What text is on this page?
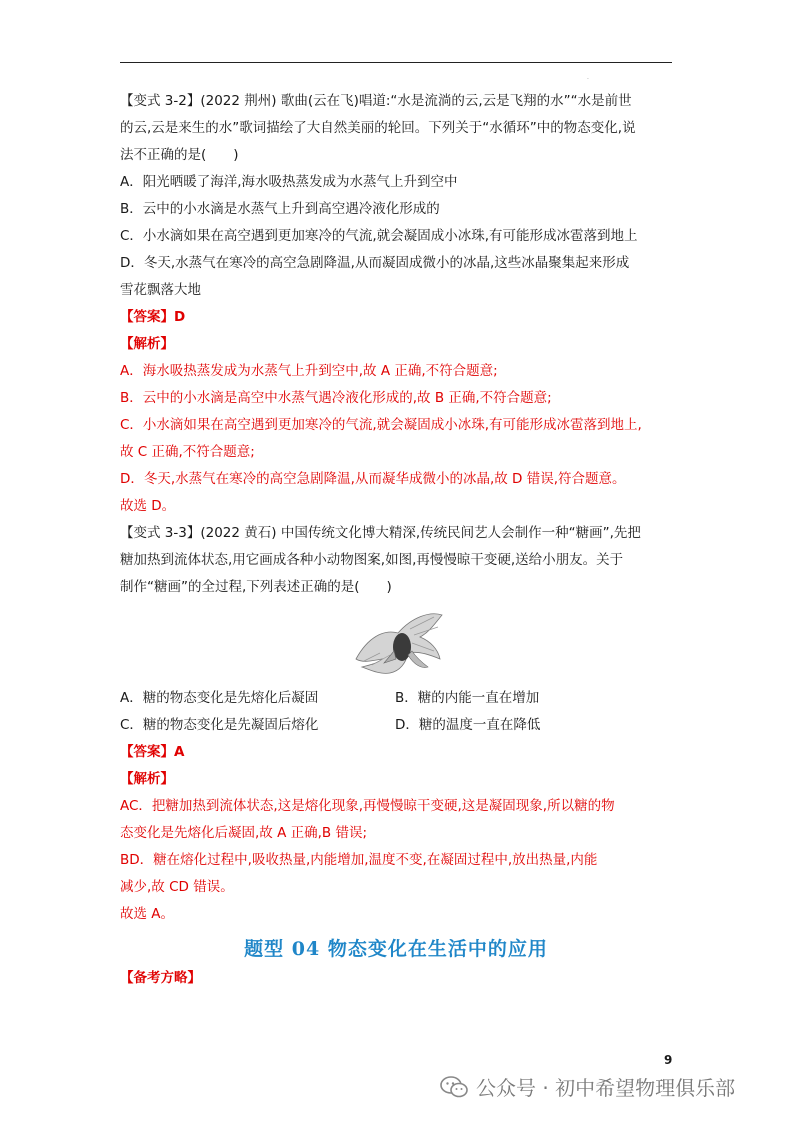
.

【变式 3-2】(2022 荆州) 歌曲(云在飞)唱道:“水是流淌的云,云是飞翔的水”“水是前世
的云,云是来生的水”歌词描绘了大自然美丽的轮回。下列关于“水循环”中的物态变化,说
法不正确的是(　　)

A．阳光晒暖了海洋,海水吸热蒸发成为水蒸气上升到空中

B．云中的小水滴是水蒸气上升到高空遇冷液化形成的

C．小水滴如果在高空遇到更加寒冷的气流,就会凝固成小冰珠,有可能形成冰雹落到地上

D．冬天,水蒸气在寒冷的高空急剧降温,从而凝固成微小的冰晶,这些冰晶聚集起来形成
雪花飘落大地

【答案】D

【解析】

A．海水吸热蒸发成为水蒸气上升到空中,故 A 正确,不符合题意;

B．云中的小水滴是高空中水蒸气遇冷液化形成的,故 B 正确,不符合题意;

C．小水滴如果在高空遇到更加寒冷的气流,就会凝固成小冰珠,有可能形成冰雹落到地上,

故 C 正确,不符合题意;

D．冬天,水蒸气在寒冷的高空急剧降温,从而凝华成微小的冰晶,故 D 错误,符合题意。

故选 D。

【变式 3-3】(2022 黄石) 中国传统文化博大精深,传统民间艺人会制作一种“糖画”,先把
糖加热到流体状态,用它画成各种小动物图案,如图,再慢慢晾干变硬,送给小朋友。关于
制作“糖画”的全过程,下列表述正确的是(　　)

A．糖的物态变化是先熔化后凝固	B．糖的内能一直在增加
C．糖的物态变化是先凝固后熔化	D．糖的温度一直在降低

【答案】A

【解析】

AC．把糖加热到流体状态,这是熔化现象,再慢慢晾干变硬,这是凝固现象,所以糖的物

态变化是先熔化后凝固,故 A 正确,B 错误;

BD．糖在熔化过程中,吸收热量,内能增加,温度不变,在凝固过程中,放出热量,内能

减少,故 CD 错误。

故选 A。

题型 04 物态变化在生活中的应用

【备考方略】

9
公众号 · 初中希望物理俱乐部
